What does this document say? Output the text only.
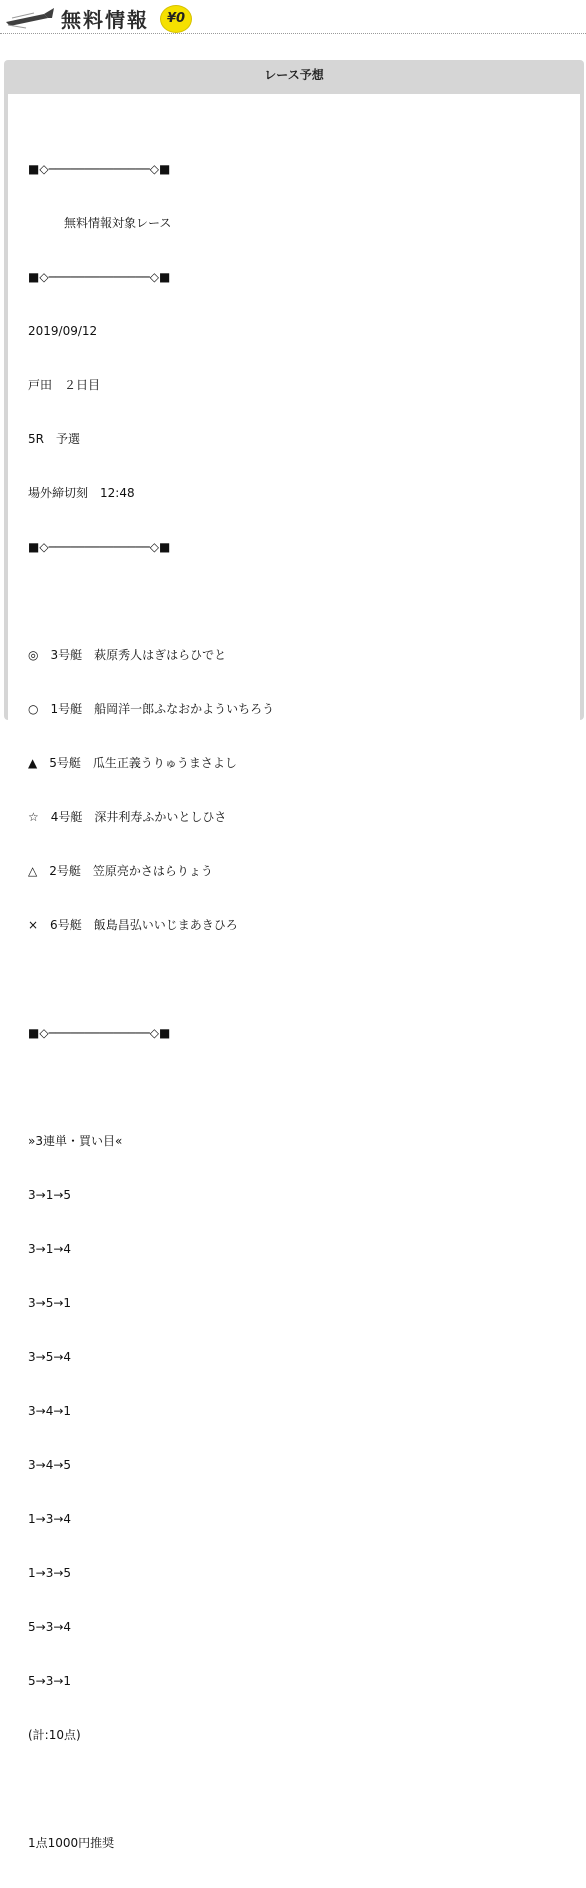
無料情報	¥0
レース予想

■◇──────────────◇■

無料情報対象レース

■◇──────────────◇■

2019/09/12

戸田　２日目

5R　予選

場外締切刻　12:48

■◇──────────────◇■

◎　3号艇　萩原秀人はぎはらひでと

○　1号艇　船岡洋一郎ふなおかよういちろう

▲　5号艇　瓜生正義うりゅうまさよし

☆　4号艇　深井利寿ふかいとしひさ

△　2号艇　笠原亮かさはらりょう

×　6号艇　飯島昌弘いいじまあきひろ

■◇──────────────◇■

»3連単・買い目«

3→1→5

3→1→4

3→5→1

3→5→4

3→4→1

3→4→5

1→3→4

1→3→5

5→3→4

5→3→1

(計:10点)

1点1000円推奨
